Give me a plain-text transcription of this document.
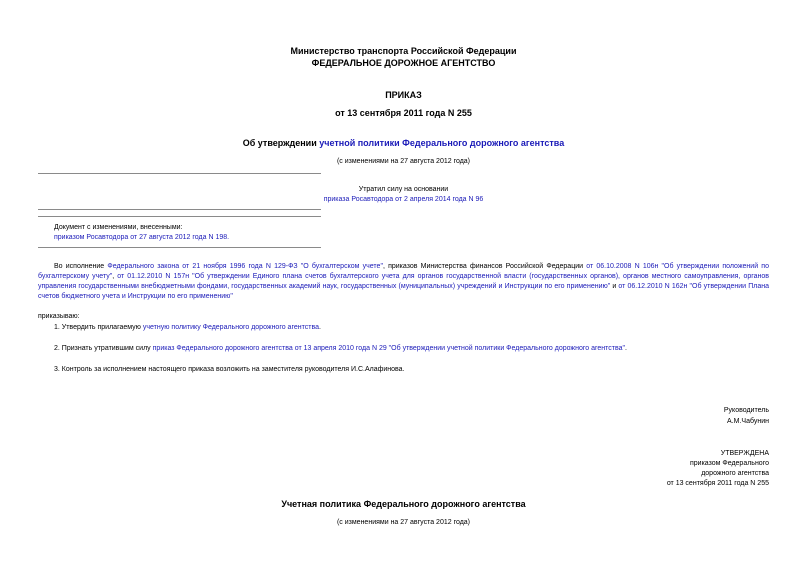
Министерство транспорта Российской Федерации
ФЕДЕРАЛЬНОЕ ДОРОЖНОЕ АГЕНТСТВО
ПРИКАЗ
от 13 сентября 2011 года N 255
Об утверждении учетной политики Федерального дорожного агентства
(с изменениями на 27 августа 2012 года)
Утратил силу на основании
приказа Росавтодора от 2 апреля 2014 года N 96
Документ с изменениями, внесенными:
приказом Росавтодора от 27 августа 2012 года N 198.
Во исполнение Федерального закона от 21 ноября 1996 года N 129-ФЗ "О бухгалтерском учете", приказов Министерства финансов Российской Федерации от 06.10.2008 N 106н "Об утверждении положений по бухгалтерскому учету", от 01.12.2010 N 157н "Об утверждении Единого плана счетов бухгалтерского учета для органов государственной власти (государственных органов), органов местного самоуправления, органов управления государственными внебюджетными фондами, государственных академий наук, государственных (муниципальных) учреждений и Инструкции по его применению" и от 06.12.2010 N 162н "Об утверждении Плана счетов бюджетного учета и Инструкции по его применению"
приказываю:
1. Утвердить прилагаемую учетную политику Федерального дорожного агентства.
2. Признать утратившим силу приказ Федерального дорожного агентства от 13 апреля 2010 года N 29 "Об утверждении учетной политики Федерального дорожного агентства".
3. Контроль за исполнением настоящего приказа возложить на заместителя руководителя И.С.Алафинова.
Руководитель
А.М.Чабунин
УТВЕРЖДЕНА
приказом Федерального
дорожного агентства
от 13 сентября 2011 года N 255
Учетная политика Федерального дорожного агентства
(с изменениями на 27 августа 2012 года)
